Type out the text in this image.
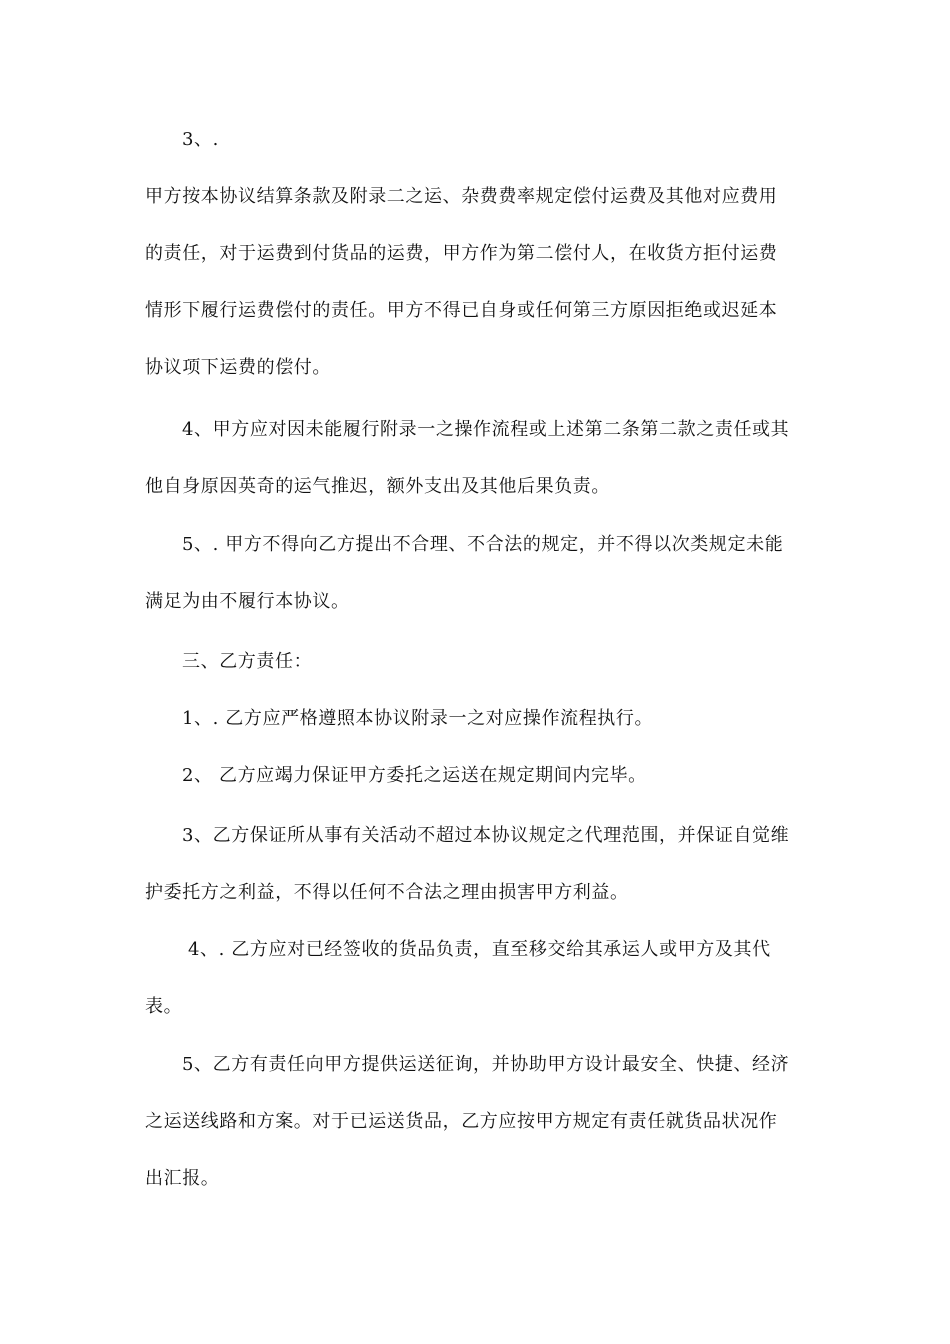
3、.
甲方按本协议结算条款及附录二之运、杂费费率规定偿付运费及其他对应费用
的责任，对于运费到付货品的运费，甲方作为第二偿付人，在收货方拒付运费
情形下履行运费偿付的责任。甲方不得已自身或任何第三方原因拒绝或迟延本
协议项下运费的偿付。
4、甲方应对因未能履行附录一之操作流程或上述第二条第二款之责任或其
他自身原因英奇的运气推迟，额外支出及其他后果负责。
5、. 甲方不得向乙方提出不合理、不合法的规定，并不得以次类规定未能
满足为由不履行本协议。
三、乙方责任：
1、. 乙方应严格遵照本协议附录一之对应操作流程执行。
2、 乙方应竭力保证甲方委托之运送在规定期间内完毕。
3、乙方保证所从事有关活动不超过本协议规定之代理范围，并保证自觉维
护委托方之利益，不得以任何不合法之理由损害甲方利益。
4、. 乙方应对已经签收的货品负责，直至移交给其承运人或甲方及其代
表。
5、乙方有责任向甲方提供运送征询，并协助甲方设计最安全、快捷、经济
之运送线路和方案。对于已运送货品，乙方应按甲方规定有责任就货品状况作
出汇报。
